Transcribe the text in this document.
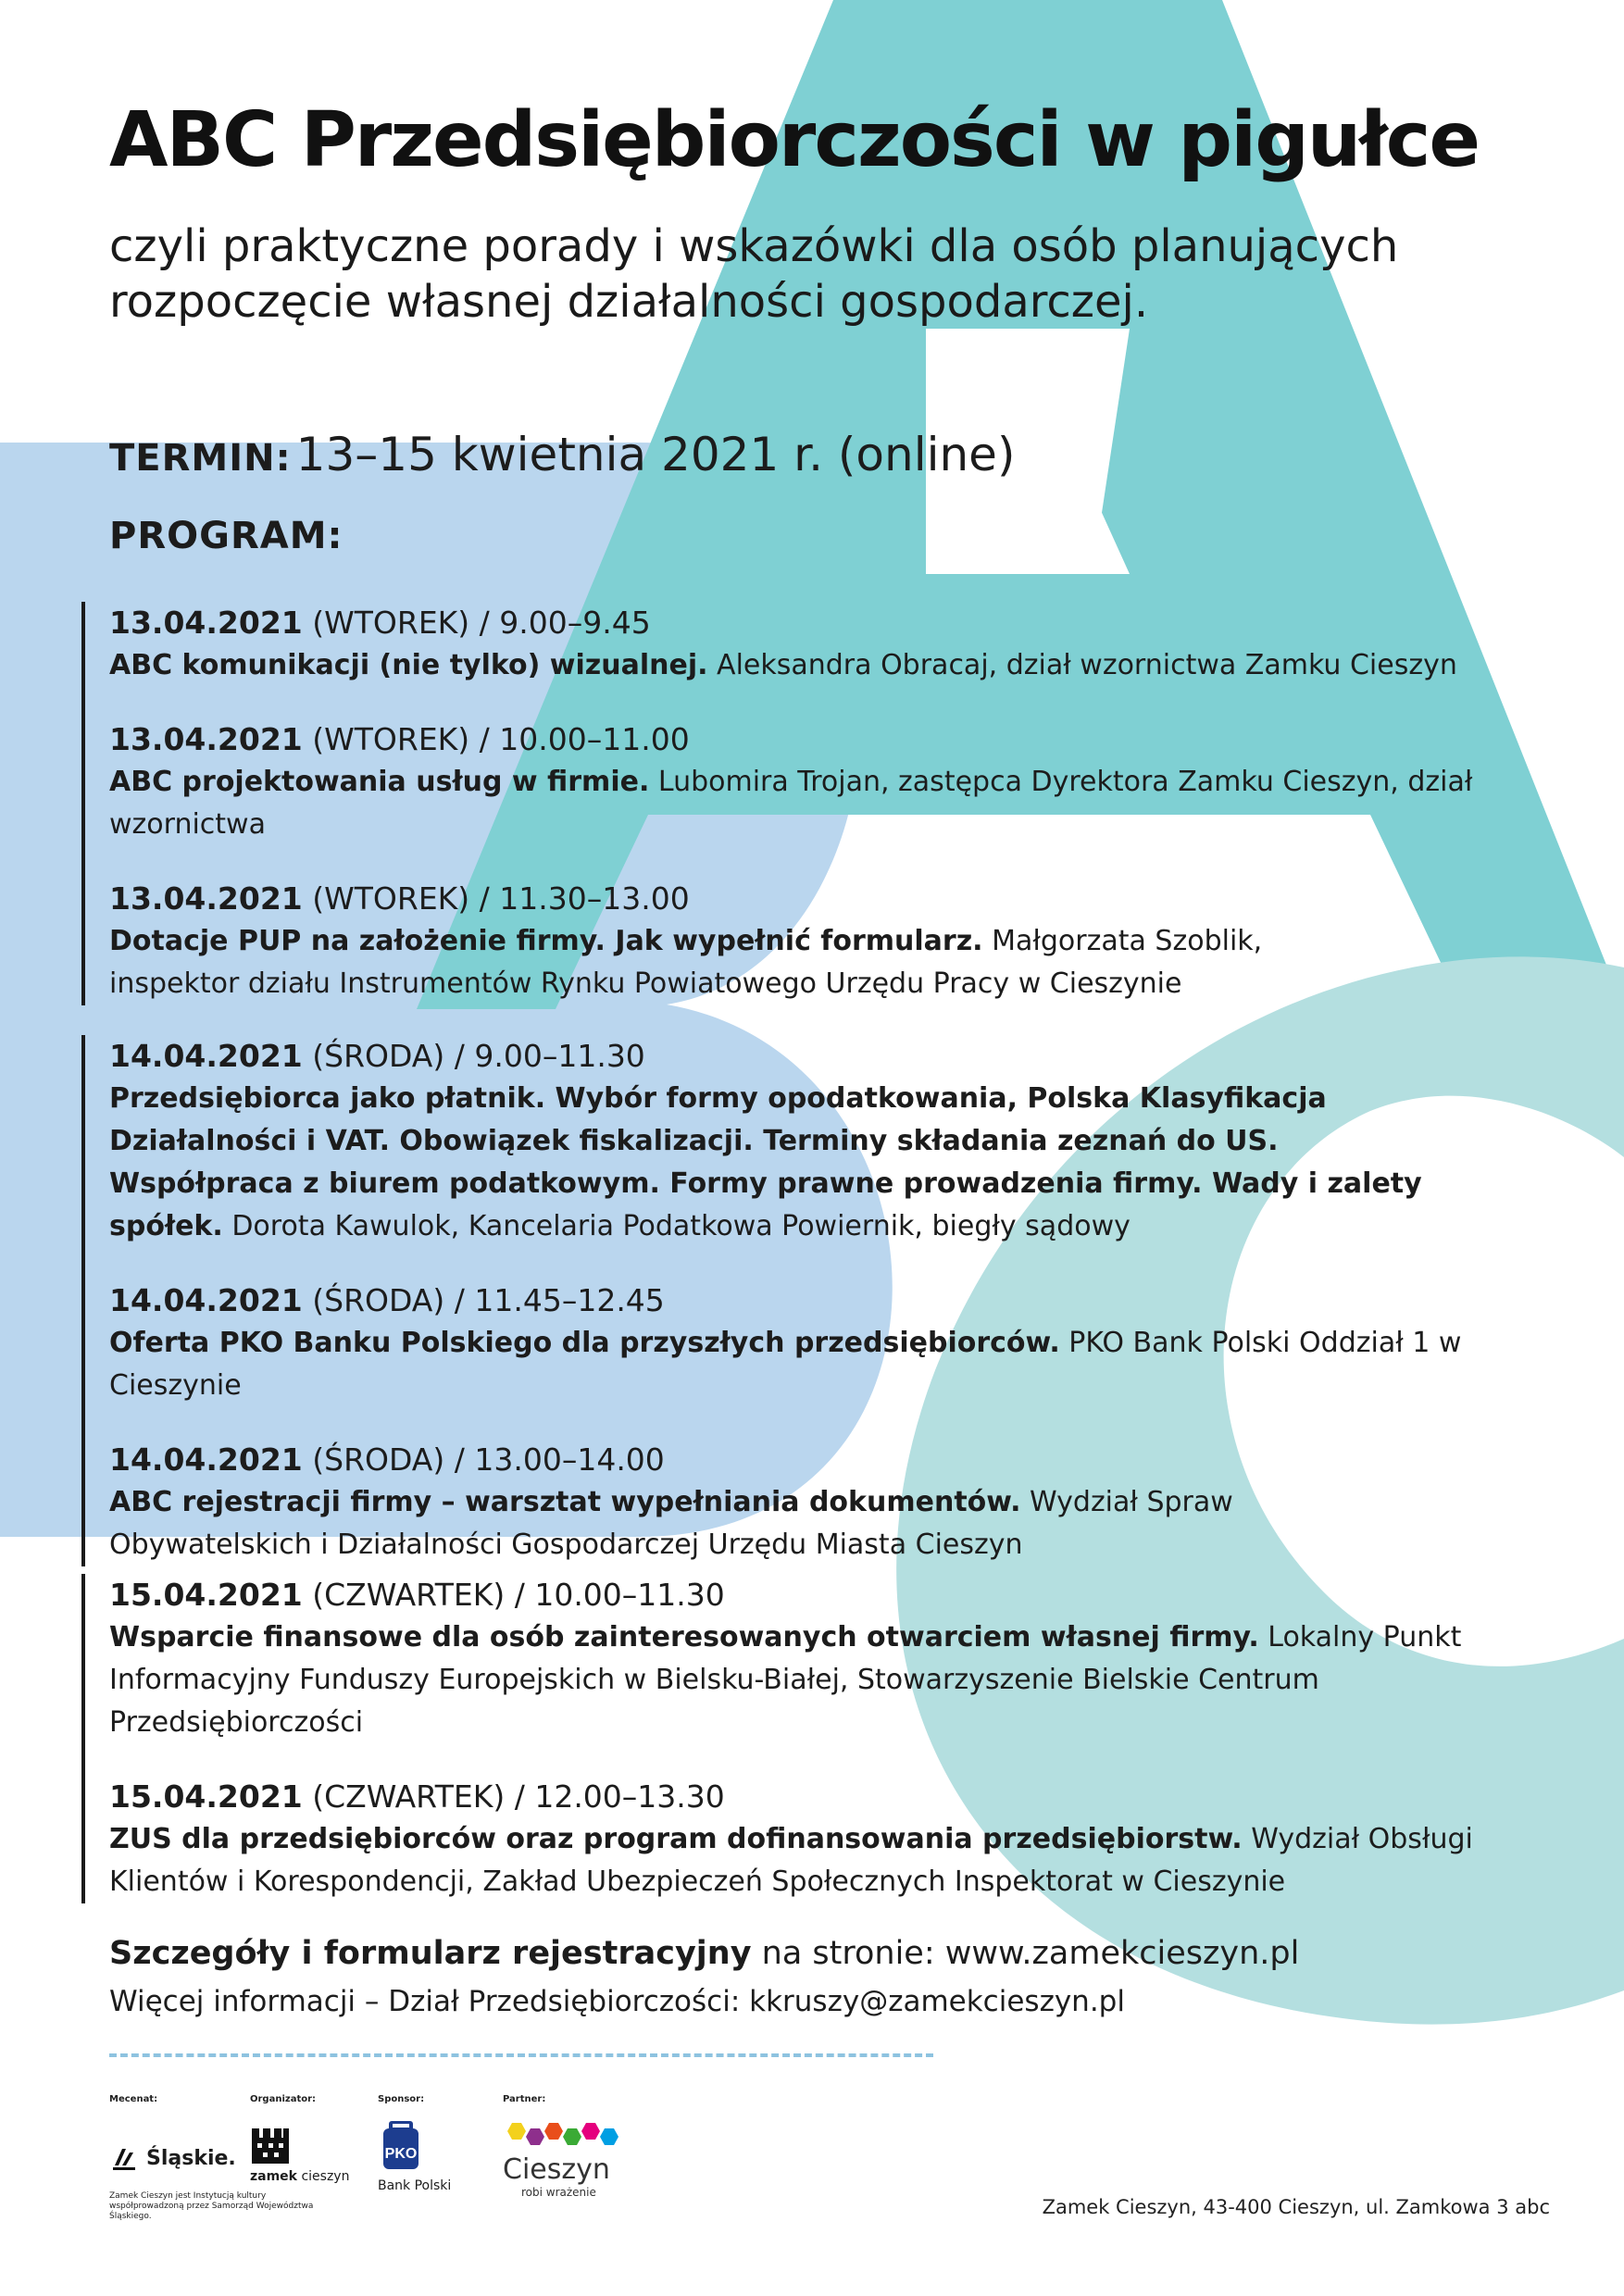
ABC Przedsiębiorczości w pigułce

czyli praktyczne porady i wskazówki dla osób planujących
rozpoczęcie własnej działalności gospodarczej.

TERMIN: 13–15 kwietnia 2021 r. (online)
PROGRAM:
13.04.2021 (WTOREK) / 9.00–9.45
ABC komunikacji (nie tylko) wizualnej. Aleksandra Obracaj, dział wzornictwa Zamku Cieszyn
13.04.2021 (WTOREK) / 10.00–11.00
ABC projektowania usług w firmie. Lubomira Trojan, zastępca Dyrektora Zamku Cieszyn, dział wzornictwa
13.04.2021 (WTOREK) / 11.30–13.00
Dotacje PUP na założenie firmy. Jak wypełnić formularz. Małgorzata Szoblik, inspektor działu Instrumentów Rynku Powiatowego Urzędu Pracy w Cieszynie
14.04.2021 (ŚRODA) / 9.00–11.30
Przedsiębiorca jako płatnik. Wybór formy opodatkowania, Polska Klasyfikacja Działalności i VAT. Obowiązek fiskalizacji. Terminy składania zeznań do US. Współpraca z biurem podatkowym. Formy prawne prowadzenia firmy. Wady i zalety spółek. Dorota Kawulok, Kancelaria Podatkowa Powiernik, biegły sądowy
14.04.2021 (ŚRODA) / 11.45–12.45
Oferta PKO Banku Polskiego dla przyszłych przedsiębiorców. PKO Bank Polski Oddział 1 w Cieszynie
14.04.2021 (ŚRODA) / 13.00–14.00
ABC rejestracji firmy – warsztat wypełniania dokumentów. Wydział Spraw Obywatelskich i Działalności Gospodarczej Urzędu Miasta Cieszyn
15.04.2021 (CZWARTEK) / 10.00–11.30
Wsparcie finansowe dla osób zainteresowanych otwarciem własnej firmy. Lokalny Punkt Informacyjny Funduszy Europejskich w Bielsku-Białej, Stowarzyszenie Bielskie Centrum Przedsiębiorczości
15.04.2021 (CZWARTEK) / 12.00–13.30
ZUS dla przedsiębiorców oraz program dofinansowania przedsiębiorstw. Wydział Obsługi Klientów i Korespondencji, Zakład Ubezpieczeń Społecznych Inspektorat w Cieszynie
Szczegóły i formularz rejestracyjny na stronie: www.zamekcieszyn.pl
Więcej informacji – Dział Przedsiębiorczości: kkruszy@zamekcieszyn.pl
Mecenat:
Śląskie.
Zamek Cieszyn jest Instytucją kultury współprowadzoną przez Samorząd Województwa Śląskiego.
Organizator:
zamek cieszyn
Sponsor:
PKO
Bank Polski
Partner:
Cieszyn
robi wrażenie
Zamek Cieszyn, 43-400 Cieszyn, ul. Zamkowa 3 abc
